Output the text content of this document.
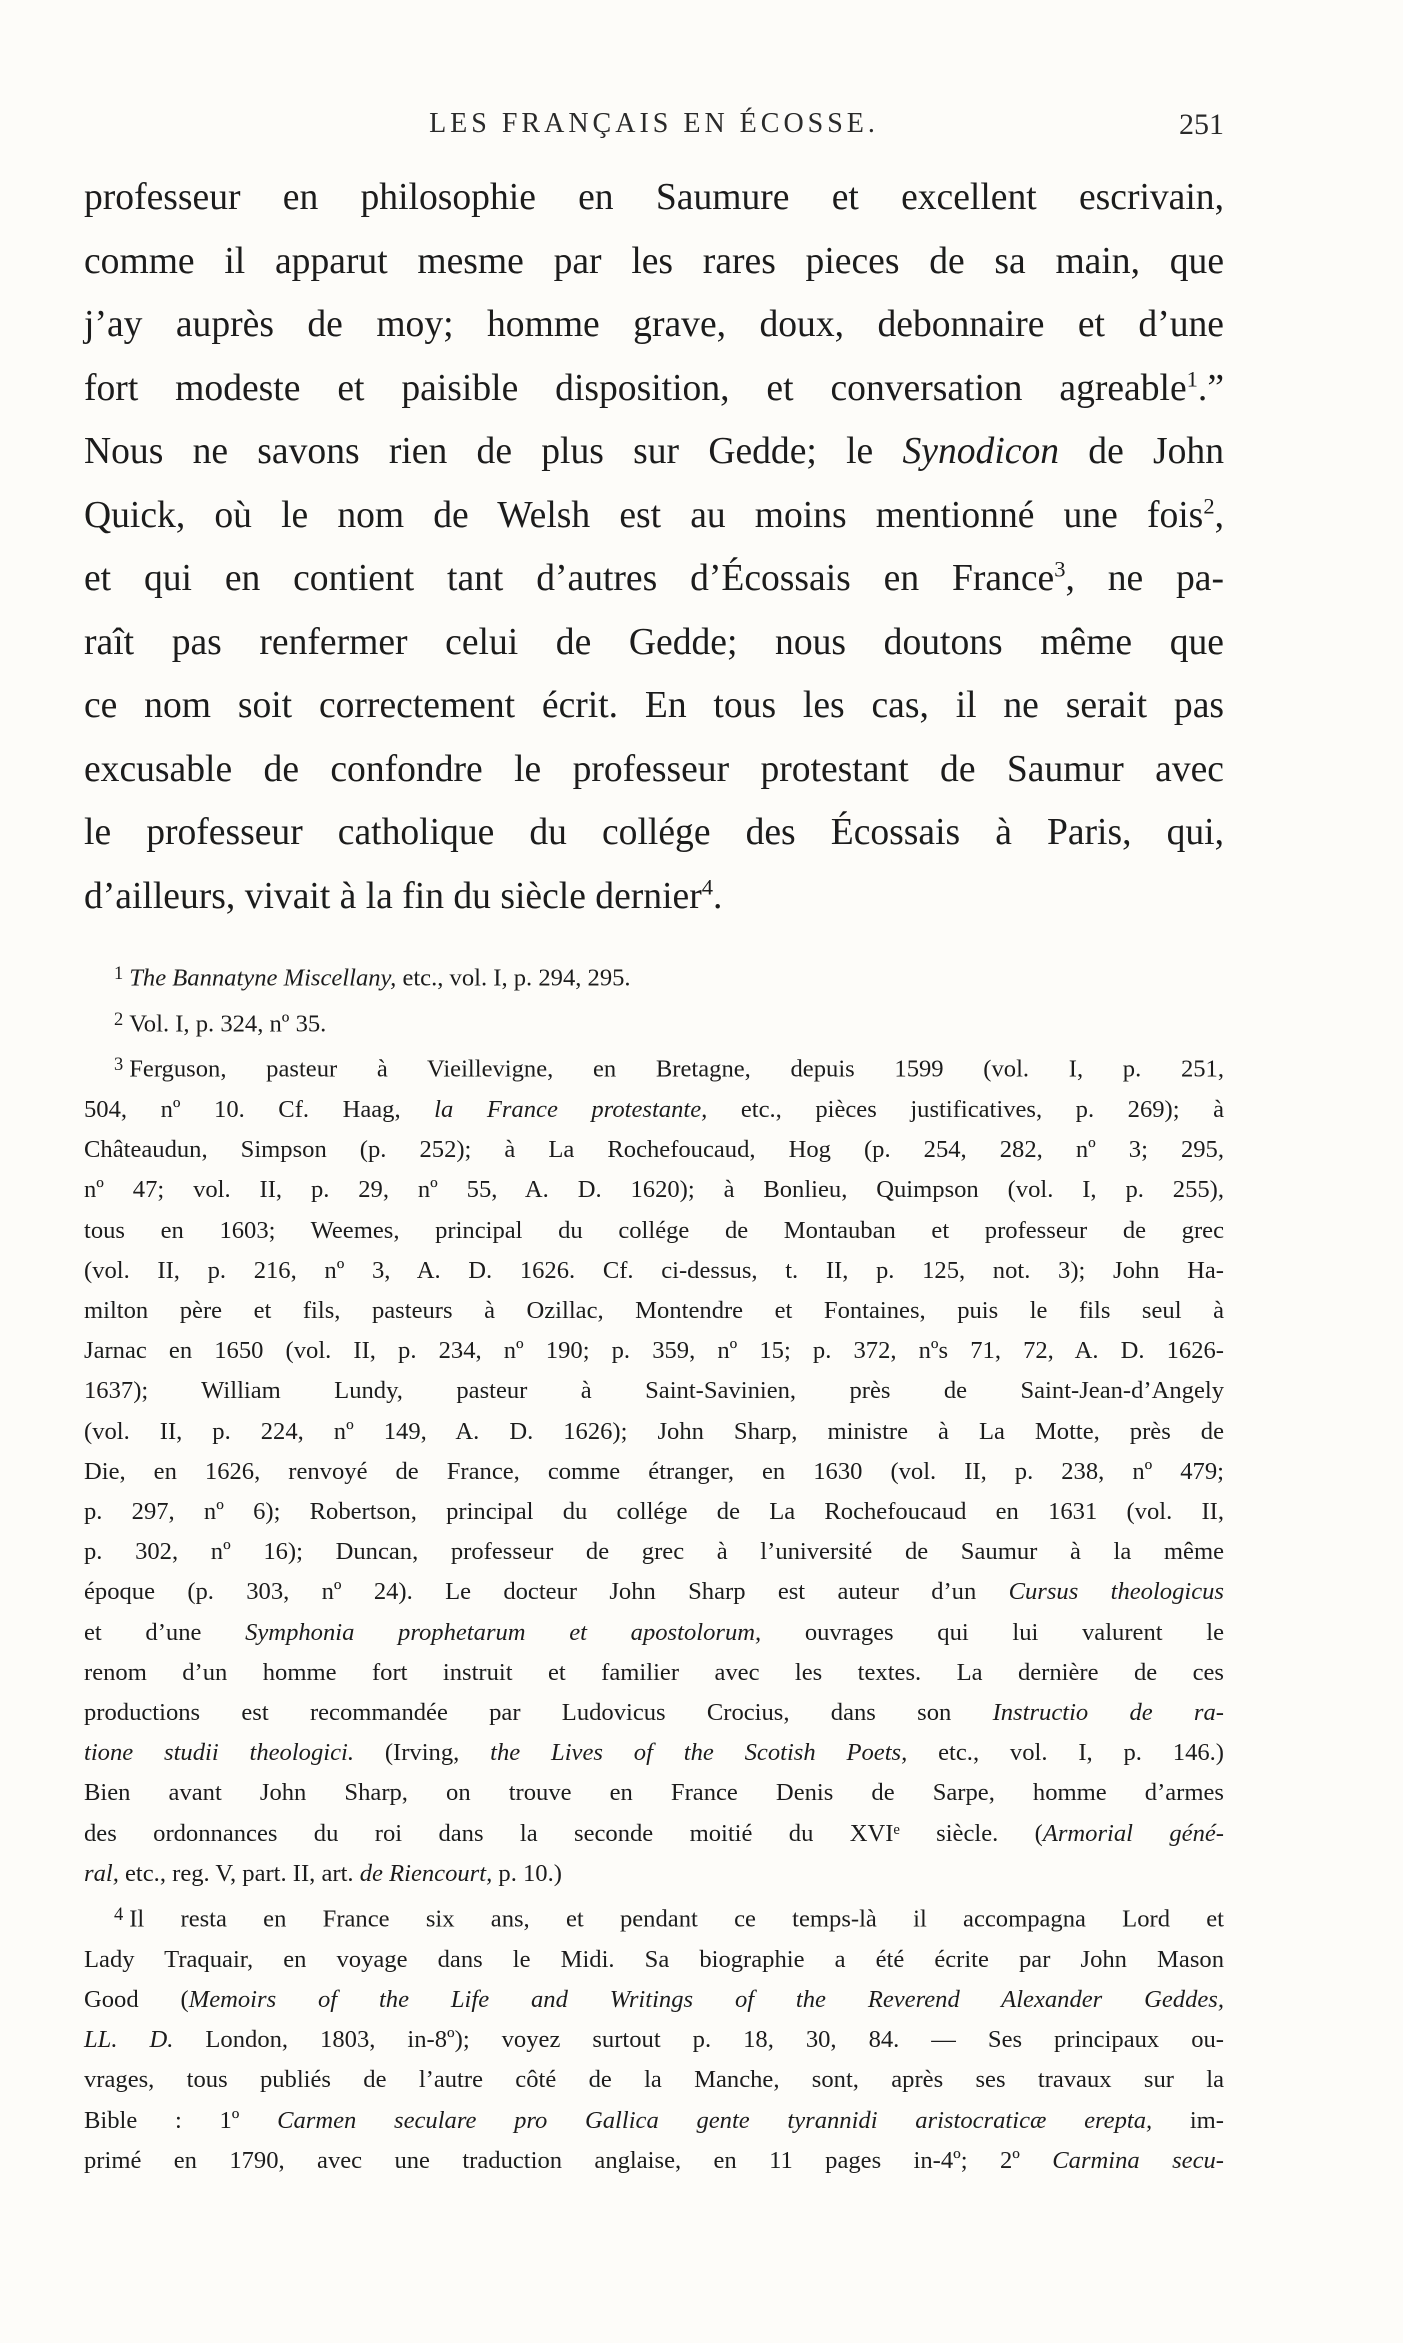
LES FRANÇAIS EN ÉCOSSE.	251
professeur en philosophie en Saumure et excellent escrivain,
comme il apparut mesme par les rares pieces de sa main, que
j’ay auprès de moy; homme grave, doux, debonnaire et d’une
fort modeste et paisible disposition, et conversation agreable$^1$.”
Nous ne savons rien de plus sur Gedde; le Synodicon de John
Quick, où le nom de Welsh est au moins mentionné une fois$^2$,
et qui en contient tant d’autres d’Écossais en France$^3$, ne pa-
raît pas renfermer celui de Gedde; nous doutons même que
ce nom soit correctement écrit. En tous les cas, il ne serait pas
excusable de confondre le professeur protestant de Saumur avec
le professeur catholique du collége des Écossais à Paris, qui,
d’ailleurs, vivait à la fin du siècle dernier$^4$.
$^1$ The Bannatyne Miscellany, etc., vol. I, p. 294, 295.
$^2$ Vol. I, p. 324, nº 35.
$^3$ Ferguson, pasteur à Vieillevigne, en Bretagne, depuis 1599 (vol. I, p. 251,
504, nº 10. Cf. Haag, la France protestante, etc., pièces justificatives, p. 269); à
Châteaudun, Simpson (p. 252); à La Rochefoucaud, Hog (p. 254, 282, nº 3; 295,
nº 47; vol. II, p. 29, nº 55, A. D. 1620); à Bonlieu, Quimpson (vol. I, p. 255),
tous en 1603; Weemes, principal du collége de Montauban et professeur de grec
(vol. II, p. 216, nº 3, A. D. 1626. Cf. ci-dessus, t. II, p. 125, not. 3); John Ha-
milton père et fils, pasteurs à Ozillac, Montendre et Fontaines, puis le fils seul à
Jarnac en 1650 (vol. II, p. 234, nº 190; p. 359, nº 15; p. 372, nºs 71, 72, A. D. 1626-
1637); William Lundy, pasteur à Saint-Savinien, près de Saint-Jean-d’Angely
(vol. II, p. 224, nº 149, A. D. 1626); John Sharp, ministre à La Motte, près de
Die, en 1626, renvoyé de France, comme étranger, en 1630 (vol. II, p. 238, nº 479;
p. 297, nº 6); Robertson, principal du collége de La Rochefoucaud en 1631 (vol. II,
p. 302, nº 16); Duncan, professeur de grec à l’université de Saumur à la même
époque (p. 303, nº 24). Le docteur John Sharp est auteur d’un Cursus theologicus
et d’une Symphonia prophetarum et apostolorum, ouvrages qui lui valurent le
renom d’un homme fort instruit et familier avec les textes. La dernière de ces
productions est recommandée par Ludovicus Crocius, dans son Instructio de ra-
tione studii theologici. (Irving, the Lives of the Scotish Poets, etc., vol. I, p. 146.)
Bien avant John Sharp, on trouve en France Denis de Sarpe, homme d’armes
des ordonnances du roi dans la seconde moitié du XVIᵉ siècle. (Armorial géné-
ral, etc., reg. V, part. II, art. de Riencourt, p. 10.)
$^4$ Il resta en France six ans, et pendant ce temps-là il accompagna Lord et
Lady Traquair, en voyage dans le Midi. Sa biographie a été écrite par John Mason
Good (Memoirs of the Life and Writings of the Reverend Alexander Geddes,
LL. D. London, 1803, in-8º); voyez surtout p. 18, 30, 84. — Ses principaux ou-
vrages, tous publiés de l’autre côté de la Manche, sont, après ses travaux sur la
Bible : 1º Carmen seculare pro Gallica gente tyrannidi aristocraticæ erepta, im-
primé en 1790, avec une traduction anglaise, en 11 pages in-4º; 2º Carmina secu-
